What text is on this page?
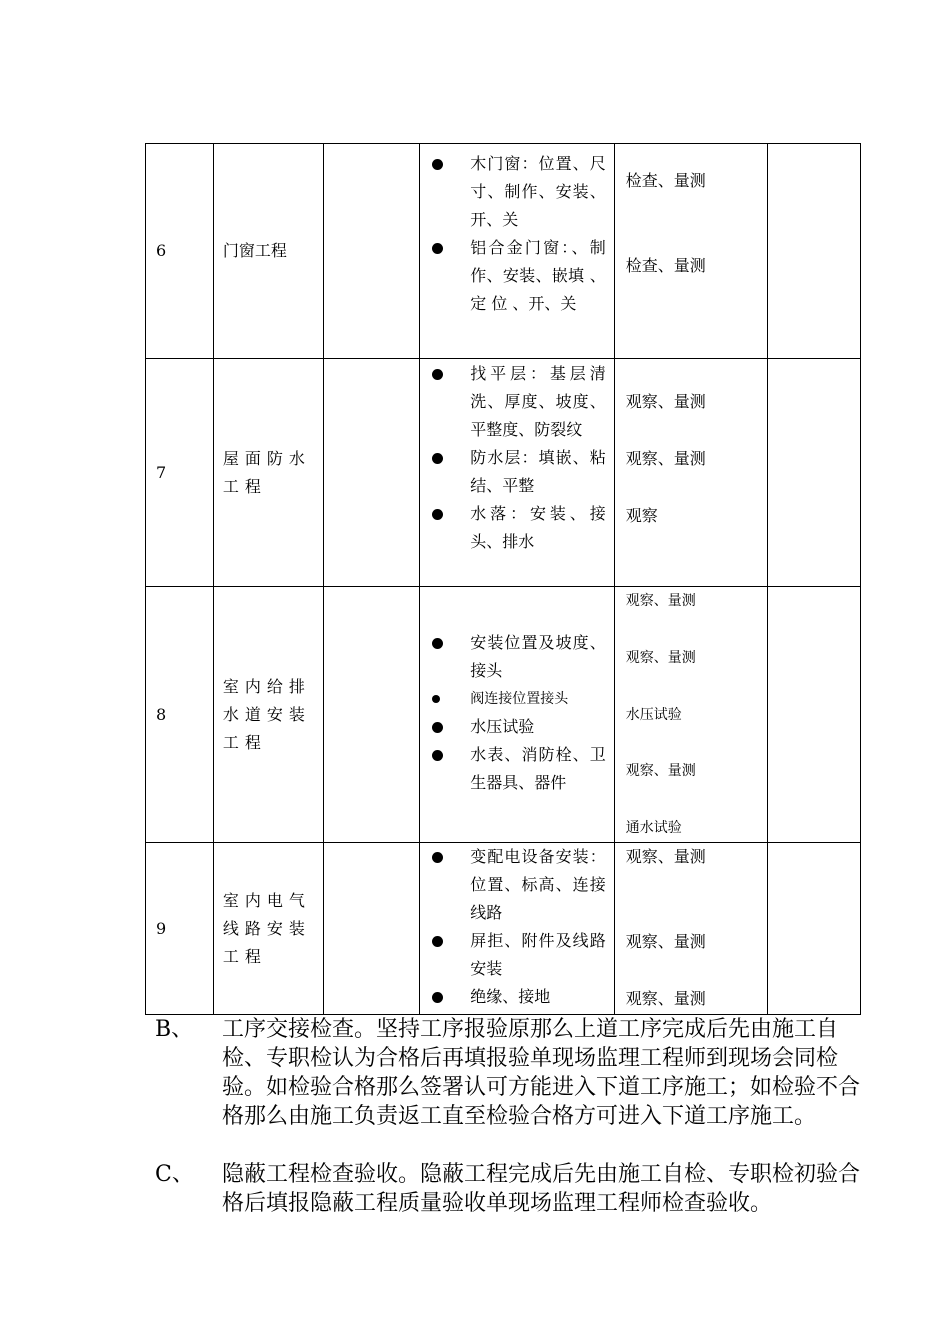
6	门窗工程
木门窗：位置、尺寸、制作、安装、开、关
铝合金门窗：、制作、安装、嵌填 、 定 位 、开、关
检查、量测
检查、量测
7
屋面防水工程
找平层：基层清洗、厚度、坡度、平整度、防裂纹
防水层：填嵌、粘结、平整
水落：安装、接头、排水
观察、量测
观察、量测
观察
8
室内给排水道安装工程
安装位置及坡度、接头
阀连接位置接头
水压试验
水表、消防栓、卫生器具、器件
观察、量测
观察、量测
水压试验
观察、量测
通水试验
9
室内电气线路安装工程
变配电设备安装：位置、标高、连接线路
屏拒、附件及线路安装
绝缘、接地
观察、量测
观察、量测
观察、量测
B、 工序交接检查。坚持工序报验原那么上道工序完成后先由施工自检、专职检认为合格后再填报验单现场监理工程师到现场会同检验。如检验合格那么签署认可方能进入下道工序施工；如检验不合格那么由施工负责返工直至检验合格方可进入下道工序施工。
C、 隐蔽工程检查验收。隐蔽工程完成后先由施工自检、专职检初验合格后填报隐蔽工程质量验收单现场监理工程师检查验收。
